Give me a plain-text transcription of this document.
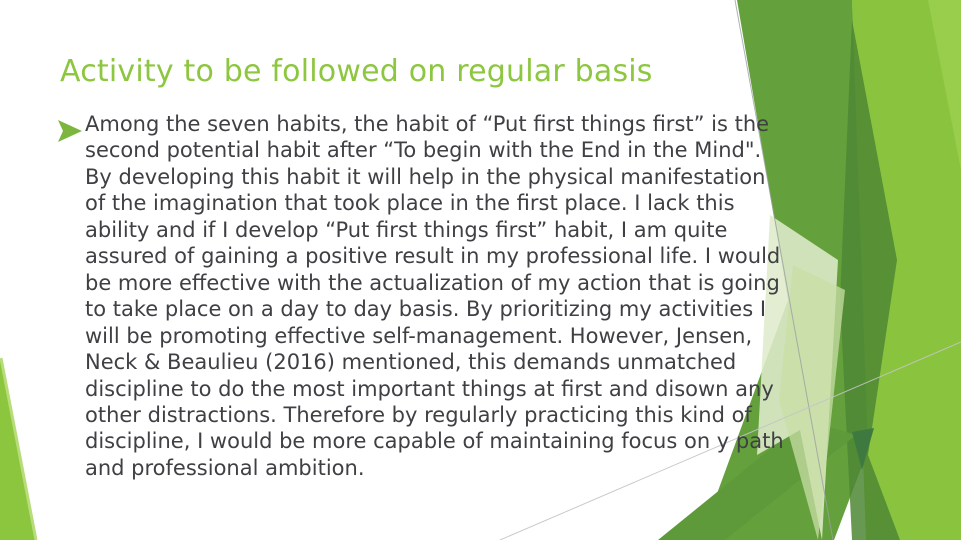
Activity to be followed on regular basis
Among the seven habits, the habit of “Put first things first” is the second potential habit after “To begin with the End in the Mind". By developing this habit it will help in the physical manifestation of the imagination that took place in the first place. I lack this ability and if I develop “Put first things first” habit, I am quite assured of gaining a positive result in my professional life. I would be more effective with the actualization of my action that is going to take place on a day to day basis. By prioritizing my activities I will be promoting effective self-management. However, Jensen, Neck & Beaulieu (2016) mentioned, this demands unmatched discipline to do the most important things at first and disown any other distractions. Therefore by regularly practicing this kind of discipline, I would be more capable of maintaining focus on y path and professional ambition.
